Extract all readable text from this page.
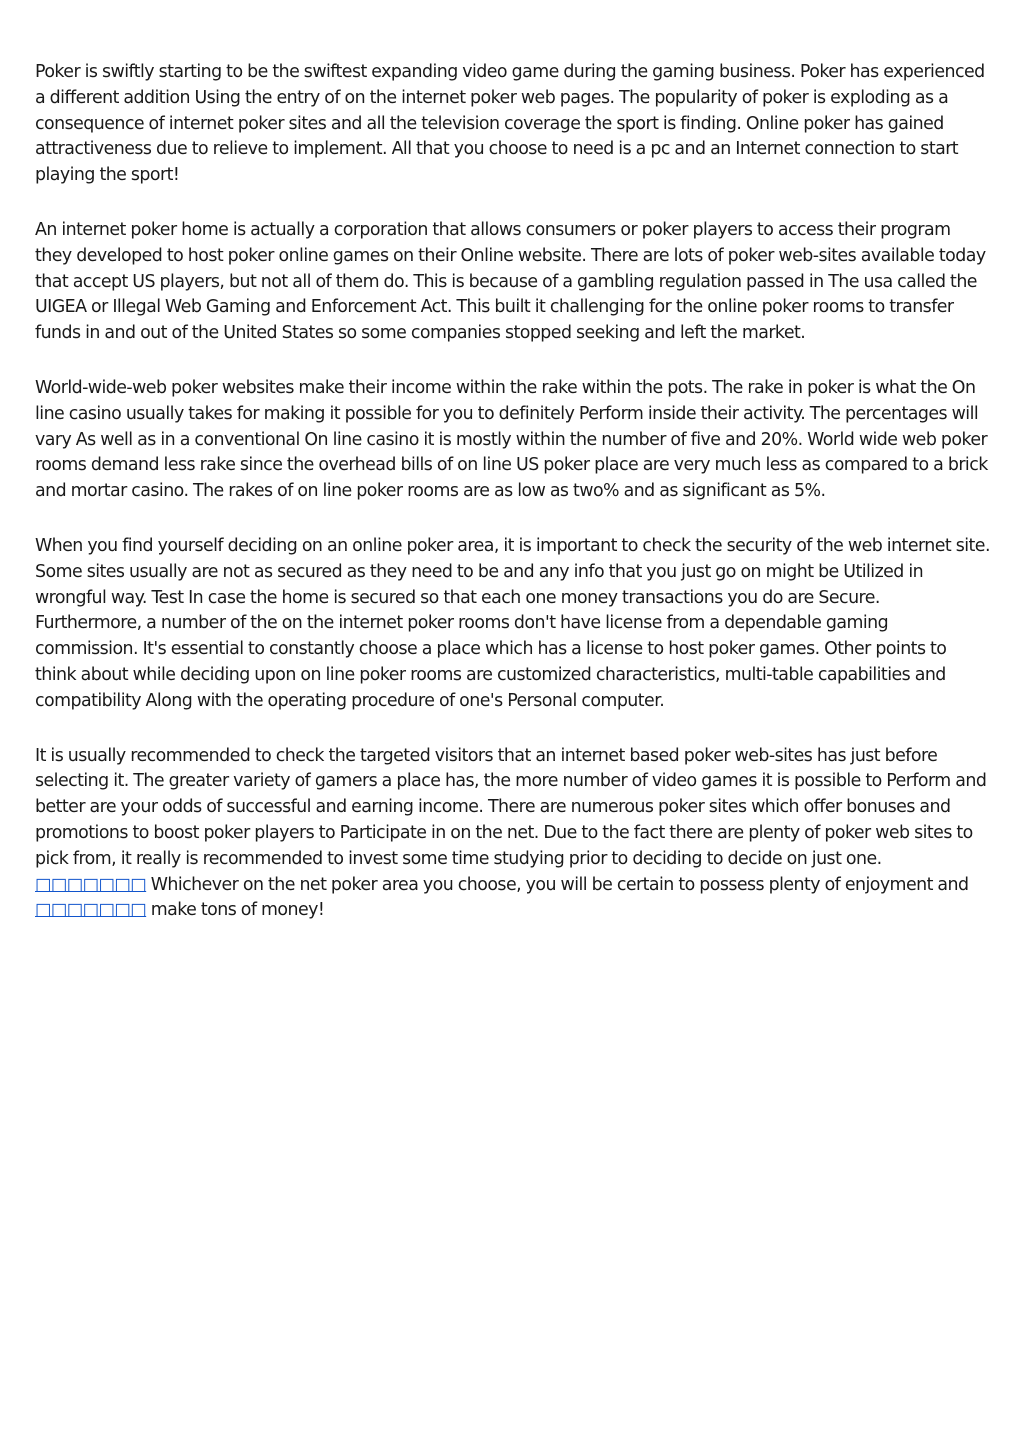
Poker is swiftly starting to be the swiftest expanding video game during the gaming business. Poker has experienced a different addition Using the entry of on the internet poker web pages. The popularity of poker is exploding as a consequence of internet poker sites and all the television coverage the sport is finding. Online poker has gained attractiveness due to relieve to implement. All that you choose to need is a pc and an Internet connection to start playing the sport!

An internet poker home is actually a corporation that allows consumers or poker players to access their program they developed to host poker online games on their Online website. There are lots of poker web-sites available today that accept US players, but not all of them do. This is because of a gambling regulation passed in The usa called the UIGEA or Illegal Web Gaming and Enforcement Act. This built it challenging for the online poker rooms to transfer funds in and out of the United States so some companies stopped seeking and left the market.

World-wide-web poker websites make their income within the rake within the pots. The rake in poker is what the On line casino usually takes for making it possible for you to definitely Perform inside their activity. The percentages will vary As well as in a conventional On line casino it is mostly within the number of five and 20%. World wide web poker rooms demand less rake since the overhead bills of on line US poker place are very much less as compared to a brick and mortar casino. The rakes of on line poker rooms are as low as two% and as significant as 5%.

When you find yourself deciding on an online poker area, it is important to check the security of the web internet site. Some sites usually are not as secured as they need to be and any info that you just go on might be Utilized in wrongful way. Test In case the home is secured so that each one money transactions you do are Secure. Furthermore, a number of the on the internet poker rooms don't have license from a dependable gaming commission. It's essential to constantly choose a place which has a license to host poker games. Other points to think about while deciding upon on line poker rooms are customized characteristics, multi-table capabilities and compatibility Along with the operating procedure of one's Personal computer.

It is usually recommended to check the targeted visitors that an internet based poker web-sites has just before selecting it. The greater variety of gamers a place has, the more number of video games it is possible to Perform and better are your odds of successful and earning income. There are numerous poker sites which offer bonuses and promotions to boost poker players to Participate in on the net. Due to the fact there are plenty of poker web sites to pick from, it really is recommended to invest some time studying prior to deciding to decide on just one.
□□□□□□□ Whichever on the net poker area you choose, you will be certain to possess plenty of enjoyment and
□□□□□□□ make tons of money!
